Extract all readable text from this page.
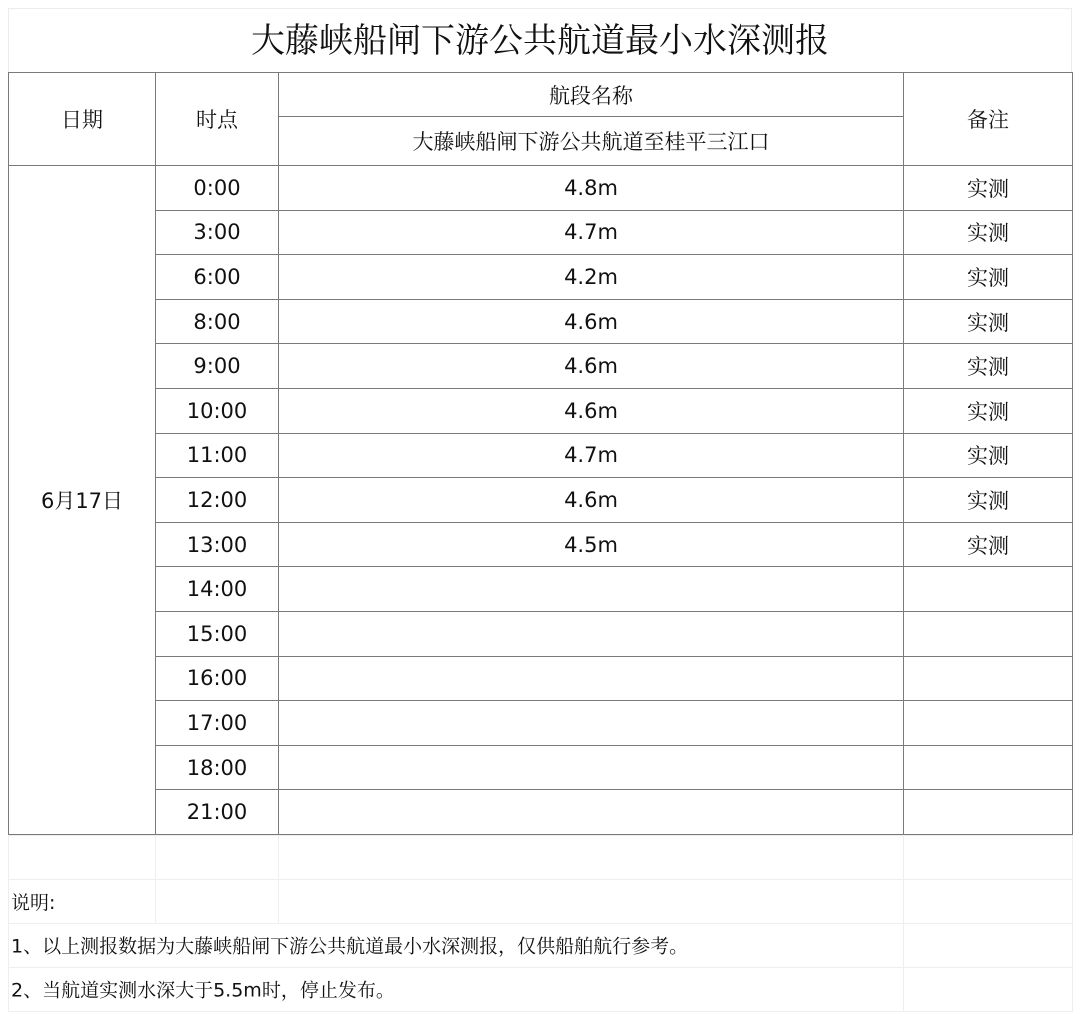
大藤峡船闸下游公共航道最小水深测报
日期	时点	航段名称	备注
		大藤峡船闸下游公共航道至桂平三江口	
6月17日	0:00	4.8m	实测
	3:00	4.7m	实测
	6:00	4.2m	实测
	8:00	4.6m	实测
	9:00	4.6m	实测
	10:00	4.6m	实测
	11:00	4.7m	实测
	12:00	4.6m	实测
	13:00	4.5m	实测
	14:00		
	15:00		
	16:00		
	17:00		
	18:00		
	21:00		

说明:			

1、以上测报数据为大藤峡船闸下游公共航道最小水深测报，仅供船舶航行参考。			

2、当航道实测水深大于5.5m时，停止发布。			
